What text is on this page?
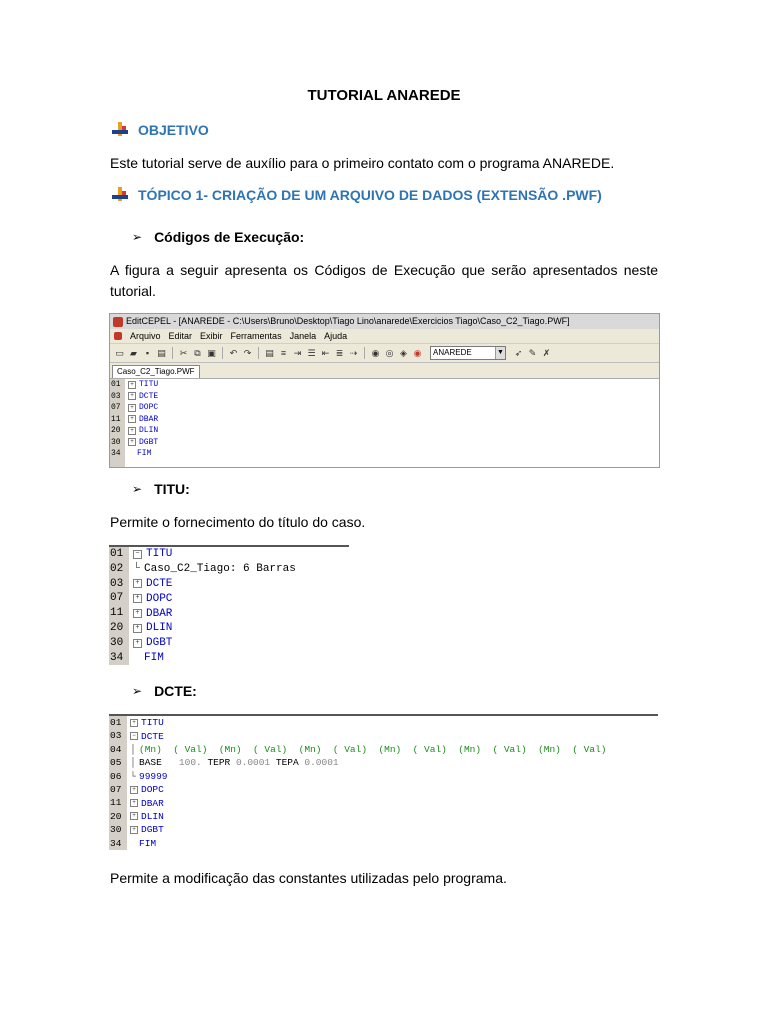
TUTORIAL ANAREDE
OBJETIVO
Este tutorial serve de auxílio para o primeiro contato com o programa ANAREDE.
TÓPICO 1- CRIAÇÃO DE UM ARQUIVO DE DADOS (EXTENSÃO .PWF)
➢ Códigos de Execução:
A figura a seguir apresenta os Códigos de Execução que serão apresentados neste tutorial.
EditCEPEL - [ANAREDE - C:\Users\Bruno\Desktop\Tiago Lino\anarede\Exercicios Tiago\Caso_C2_Tiago.PWF]
Arquivo Editar Exibir Ferramentas Janela Ajuda
▭ ▰ ▪ ▤ ✂ ⧉ ▣ ↶ ↷ ▤ ≡ ⇥ ☰ ⇤ ≣ ⇢ ◉ ◎ ◈ ◉ ANAREDE	▼ ➶ ✎ ✗
Caso_C2_Tiago.PWF
01	+ TITU
03	+ DCTE
07	+ DOPC
11	+ DBAR
20	+ DLIN
30	+ DGBT
34	FIM
➢ TITU:
Permite o fornecimento do título do caso.
01	− TITU
02 └ Caso_C2_Tiago: 6 Barras
03	+ DCTE
07	+ DOPC
11	+ DBAR
20	+ DLIN
30	+ DGBT
34	FIM
➢ DCTE:
01	+ TITU
03	− DCTE
04 │ (Mn)  ( Val)  (Mn)  ( Val)  (Mn)  ( Val)  (Mn)  ( Val)  (Mn)  ( Val)  (Mn)  ( Val)
05 │ BASE
100.
TEPR
0.0001
TEPA
0.0001
06 └ 99999
07	+ DOPC
11	+ DBAR
20	+ DLIN
30	+ DGBT
34	FIM
Permite a modificação das constantes utilizadas pelo programa.
